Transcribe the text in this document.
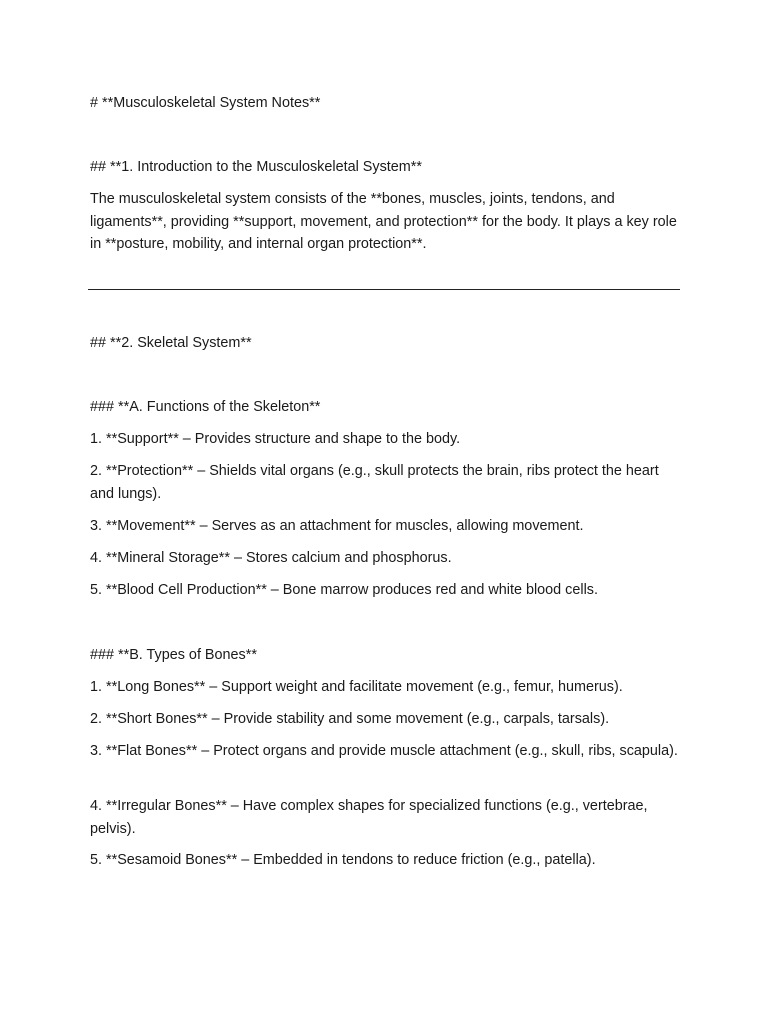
# **Musculoskeletal System Notes**
## **1. Introduction to the Musculoskeletal System**
The musculoskeletal system consists of the **bones, muscles, joints, tendons, and ligaments**, providing **support, movement, and protection** for the body. It plays a key role in **posture, mobility, and internal organ protection**.
## **2. Skeletal System**
### **A. Functions of the Skeleton**
1. **Support** – Provides structure and shape to the body.
2. **Protection** – Shields vital organs (e.g., skull protects the brain, ribs protect the heart and lungs).
3. **Movement** – Serves as an attachment for muscles, allowing movement.
4. **Mineral Storage** – Stores calcium and phosphorus.
5. **Blood Cell Production** – Bone marrow produces red and white blood cells.
### **B. Types of Bones**
1. **Long Bones** – Support weight and facilitate movement (e.g., femur, humerus).
2. **Short Bones** – Provide stability and some movement (e.g., carpals, tarsals).
3. **Flat Bones** – Protect organs and provide muscle attachment (e.g., skull, ribs, scapula).
4. **Irregular Bones** – Have complex shapes for specialized functions (e.g., vertebrae, pelvis).
5. **Sesamoid Bones** – Embedded in tendons to reduce friction (e.g., patella).
